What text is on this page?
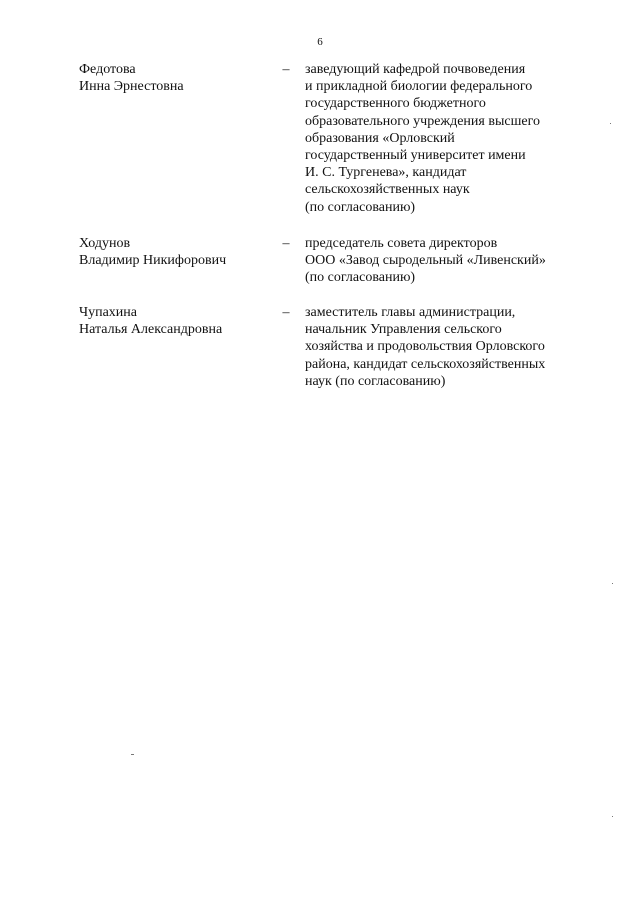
6
Федотова
Инна Эрнестовна
– заведующий кафедрой почвоведения
и прикладной биологии федерального
государственного бюджетного
образовательного учреждения высшего
образования «Орловский
государственный университет имени
И. С. Тургенева», кандидат
сельскохозяйственных наук
(по согласованию)
Ходунов
Владимир Никифорович
– председатель совета директоров
ООО «Завод сыродельный «Ливенский»
(по согласованию)
Чупахина
Наталья Александровна
– заместитель главы администрации,
начальник Управления сельского
хозяйства и продовольствия Орловского
района, кандидат сельскохозяйственных
наук (по согласованию)
